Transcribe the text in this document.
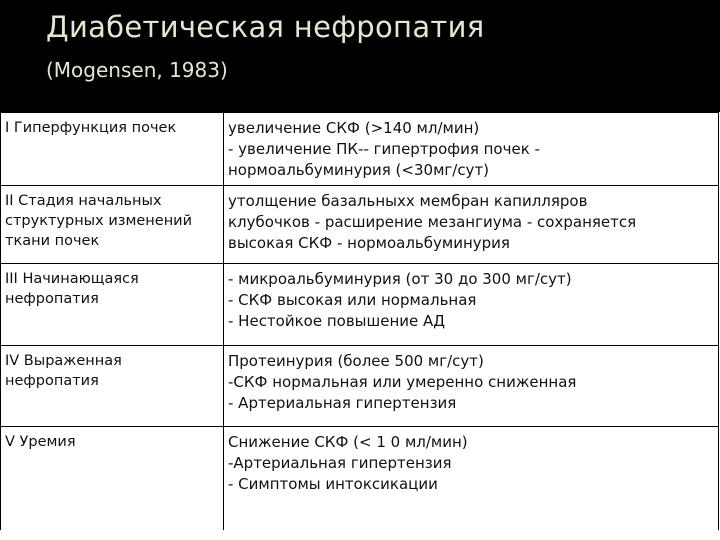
Диабетическая нефропатия
(Mogensen, 1983)
I Гиперфункция почек	увеличение СКФ (>140 мл/мин)
- увеличение ПК-- гипертрофия почек -
нормоальбуминурия (<30мг/сут)
II Стадия начальных
структурных изменений
ткани почек	утолщение базальныхх мембран капилляров
клубочков - расширение мезангиума - сохраняется
высокая СКФ - нормоальбуминурия
III Начинающаяся
нефропатия	- микроальбуминурия (от 30 до 300 мг/сут)
- СКФ высокая или нормальная
- Нестойкое повышение АД
IV Выраженная
нефропатия	Протеинурия (более 500 мг/сут)
-СКФ нормальная или умеренно сниженная
- Артериальная гипертензия
V Уремия	Снижение СКФ (< 1 0 мл/мин)
-Артериальная гипертензия
- Симптомы интоксикации
